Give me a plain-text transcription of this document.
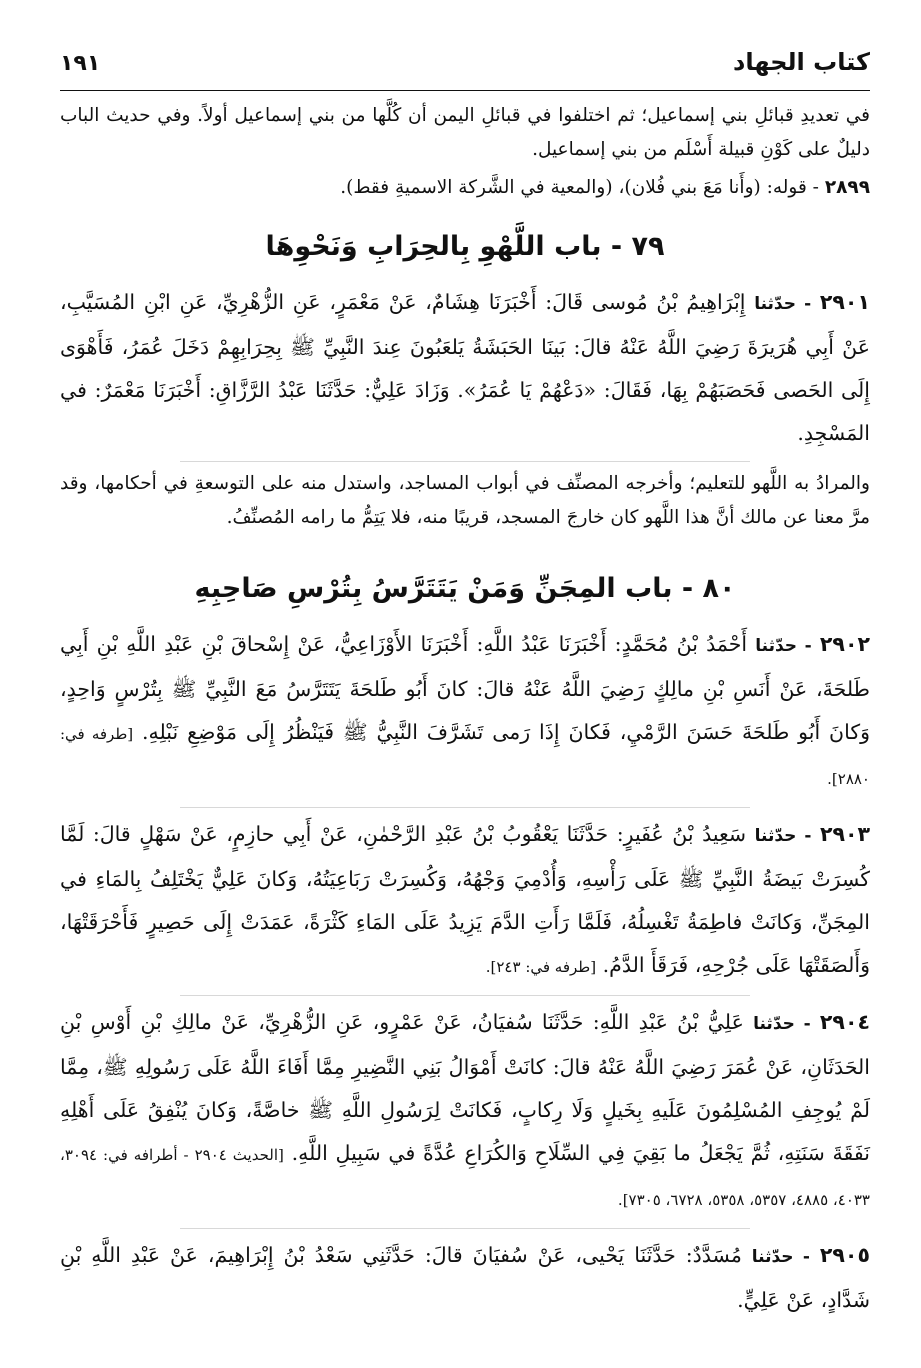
كتاب الجهاد
١٩١

في تعديدِ قبائلِ بني إسماعيل؛ ثم اختلفوا في قبائلِ اليمن أن كُلَّها من بني إسماعيل أولاً. وفي حديث الباب دليلٌ على كَوْنِ قبيلة أَسْلَم من بني إسماعيل.

٢٨٩٩ - قوله: (وأَنا مَعَ بني فُلان)، (والمعية في الشَّركة الاسميةِ فقط).

٧٩ - باب اللَّهْوِ بِالحِرَابِ وَنَحْوِهَا

٢٩٠١ - حدّثنا إِبْرَاهِيمُ بْنُ مُوسى قَالَ: أَخْبَرَنَا هِشَامٌ، عَنْ مَعْمَرٍ، عَنِ الزُّهْرِيِّ، عَنِ ابْنِ المُسَيَّبِ، عَنْ أَبِي هُرَيرَةَ رَضِيَ اللَّهُ عَنْهُ قالَ: بَينَا الحَبَشَةُ يَلعَبُونَ عِندَ النَّبِيِّ ﷺ بِحِرَابِهِمْ دَخَلَ عُمَرُ، فَأَهْوَى إِلَى الحَصى فَحَصَبَهُمْ بِهَا، فَقَالَ: «دَعْهُمْ يَا عُمَرُ». وَزَادَ عَلِيٌّ: حَدَّثَنَا عَبْدُ الرَّزَّاقِ: أَخْبَرَنَا مَعْمَرٌ: في المَسْجِدِ.

والمرادُ به اللَّهو للتعليم؛ وأخرجه المصنِّف في أبواب المساجد، واستدل منه على التوسعةِ في أحكامها، وقد مرَّ معنا عن مالك أنَّ هذا اللَّهو كان خارجَ المسجد، قريبًا منه، فلا يَتِمُّ ما رامه المُصنِّفُ.

٨٠ - باب المِجَنِّ وَمَنْ يَتَتَرَّسُ بِتُرْسِ صَاحِبِهِ

٢٩٠٢ - حدّثنا أَحْمَدُ بْنُ مُحَمَّدٍ: أَخْبَرَنَا عَبْدُ اللَّهِ: أَخْبَرَنَا الأَوْزَاعِيُّ، عَنْ إِسْحاقَ بْنِ عَبْدِ اللَّهِ بْنِ أَبِي طَلحَةَ، عَنْ أَنَسِ بْنِ مالِكٍ رَضِيَ اللَّهُ عَنْهُ قالَ: كانَ أَبُو طَلحَةَ يَتَتَرَّسُ مَعَ النَّبِيِّ ﷺ بِتُرْسٍ وَاحِدٍ، وَكانَ أَبُو طَلحَةَ حَسَنَ الرَّمْيِ، فَكانَ إِذَا رَمى تَشَرَّفَ النَّبِيُّ ﷺ فَيَنْظُرُ إِلَى مَوْضِعِ نَبْلِهِ. [طرفه في: ٢٨٨٠].

٢٩٠٣ - حدّثنا سَعِيدُ بْنُ عُفَيرٍ: حَدَّثَنَا يَعْقُوبُ بْنُ عَبْدِ الرَّحْمٰنِ، عَنْ أَبِي حازِمٍ، عَنْ سَهْلٍ قالَ: لَمَّا كُسِرَتْ بَيضَةُ النَّبِيِّ ﷺ عَلَى رَأْسِهِ، وَأُدْمِيَ وَجْهُهُ، وَكُسِرَتْ رَبَاعِيَتُهُ، وَكانَ عَلِيٌّ يَخْتَلِفُ بِالمَاءِ في المِجَنِّ، وَكانَتْ فاطِمَةُ تَغْسِلُهُ، فَلَمَّا رَأَتِ الدَّمَ يَزِيدُ عَلَى المَاءِ كَثْرَةً، عَمَدَتْ إِلَى حَصِيرٍ فَأَحْرَقَتْهَا، وَأَلصَقَتْهَا عَلَى جُرْحِهِ، فَرَقَأَ الدَّمُ. [طرفه في: ٢٤٣].

٢٩٠٤ - حدّثنا عَلِيُّ بْنُ عَبْدِ اللَّهِ: حَدَّثَنَا سُفيَانُ، عَنْ عَمْرٍو، عَنِ الزُّهْرِيِّ، عَنْ مالِكِ بْنِ أَوْسِ بْنِ الحَدَثَانِ، عَنْ عُمَرَ رَضِيَ اللَّهُ عَنْهُ قالَ: كانَتْ أَمْوَالُ بَنِي النَّضِيرِ مِمَّا أَفَاءَ اللَّهُ عَلَى رَسُولِهِ ﷺ، مِمَّا لَمْ يُوجِفِ المُسْلِمُونَ عَلَيهِ بِخَيلٍ وَلَا رِكابٍ، فَكانَتْ لِرَسُولِ اللَّهِ ﷺ خاصَّةً، وَكانَ يُنْفِقُ عَلَى أَهْلِهِ نَفَقَةَ سَنَتِهِ، ثُمَّ يَجْعَلُ ما بَقِيَ فِي السِّلَاحِ وَالكُرَاعِ عُدَّةً في سَبِيلِ اللَّهِ. [الحديث ٢٩٠٤ - أطرافه في: ٣٠٩٤، ٤٠٣٣، ٤٨٨٥، ٥٣٥٧، ٥٣٥٨، ٦٧٢٨، ٧٣٠٥].

٢٩٠٥ - حدّثنا مُسَدَّدٌ: حَدَّثَنَا يَحْيى، عَنْ سُفيَانَ قالَ: حَدَّثَنِي سَعْدُ بْنُ إِبْرَاهِيمَ، عَنْ عَبْدِ اللَّهِ بْنِ شَدَّادٍ، عَنْ عَلِيٍّ.
